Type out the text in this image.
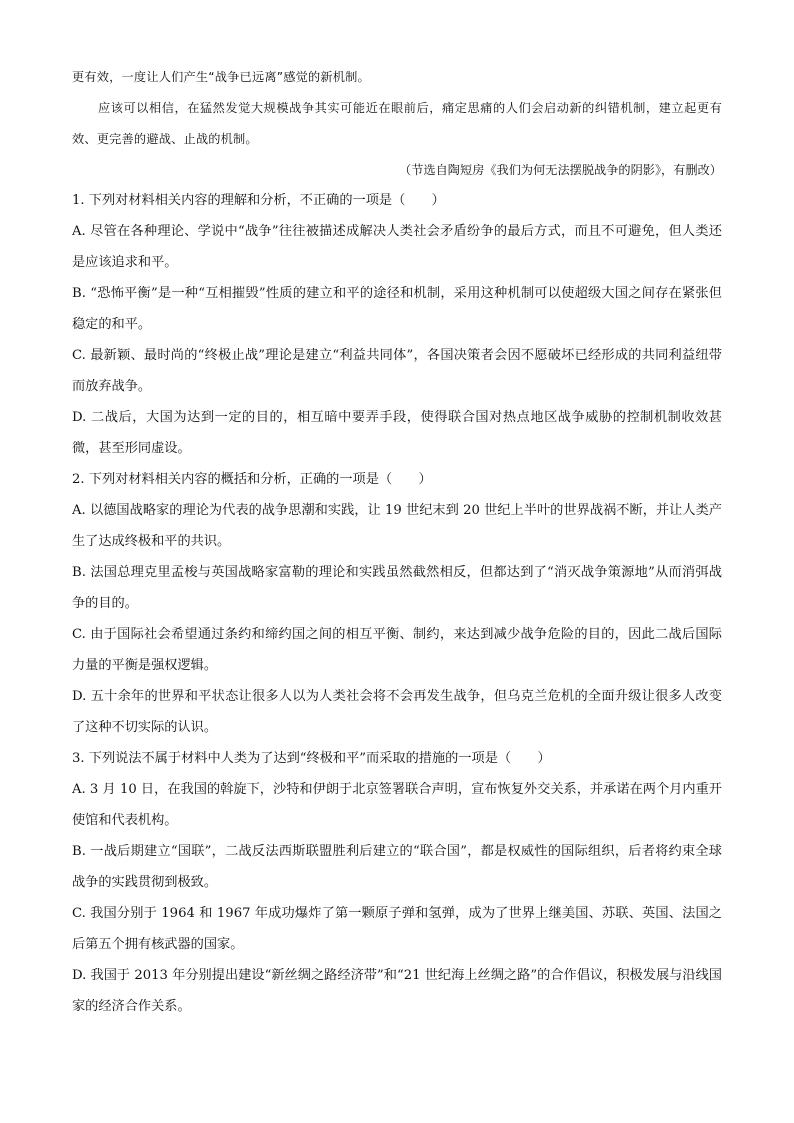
更有效，一度让人们产生“战争已远离”感觉的新机制。

应该可以相信，在猛然发觉大规模战争其实可能近在眼前后，痛定思痛的人们会启动新的纠错机制，建立起更有效、更完善的避战、止战的机制。

（节选自陶短房《我们为何无法摆脱战争的阴影》，有删改）

1. 下列对材料相关内容的理解和分析，不正确的一项是（　　）

A. 尽管在各种理论、学说中“战争”往往被描述成解决人类社会矛盾纷争的最后方式，而且不可避免，但人类还是应该追求和平。

B. “恐怖平衡”是一种“互相摧毁”性质的建立和平的途径和机制，采用这种机制可以使超级大国之间存在紧张但稳定的和平。

C. 最新颖、最时尚的“终极止战”理论是建立“利益共同体”，各国决策者会因不愿破坏已经形成的共同利益纽带而放弃战争。

D. 二战后，大国为达到一定的目的，相互暗中要弄手段，使得联合国对热点地区战争威胁的控制机制收效甚微，甚至形同虚设。

2. 下列对材料相关内容的概括和分析，正确的一项是（　　）

A. 以德国战略家的理论为代表的战争思潮和实践，让 19 世纪末到 20 世纪上半叶的世界战祸不断，并让人类产生了达成终极和平的共识。

B. 法国总理克里孟梭与英国战略家富勒的理论和实践虽然截然相反，但都达到了“消灭战争策源地”从而消弭战争的目的。

C. 由于国际社会希望通过条约和缔约国之间的相互平衡、制约，来达到减少战争危险的目的，因此二战后国际力量的平衡是强权逻辑。

D. 五十余年的世界和平状态让很多人以为人类社会将不会再发生战争，但乌克兰危机的全面升级让很多人改变了这种不切实际的认识。

3. 下列说法不属于材料中人类为了达到“终极和平”而采取的措施的一项是（　　）

A. 3 月 10 日，在我国的斡旋下，沙特和伊朗于北京签署联合声明，宣布恢复外交关系，并承诺在两个月内重开使馆和代表机构。

B. 一战后期建立“国联”，二战反法西斯联盟胜利后建立的“联合国”，都是权威性的国际组织，后者将约束全球战争的实践贯彻到极致。

C. 我国分别于 1964 和 1967 年成功爆炸了第一颗原子弹和氢弹，成为了世界上继美国、苏联、英国、法国之后第五个拥有核武器的国家。

D. 我国于 2013 年分别提出建设“新丝绸之路经济带”和“21 世纪海上丝绸之路”的合作倡议，积极发展与沿线国家的经济合作关系。
